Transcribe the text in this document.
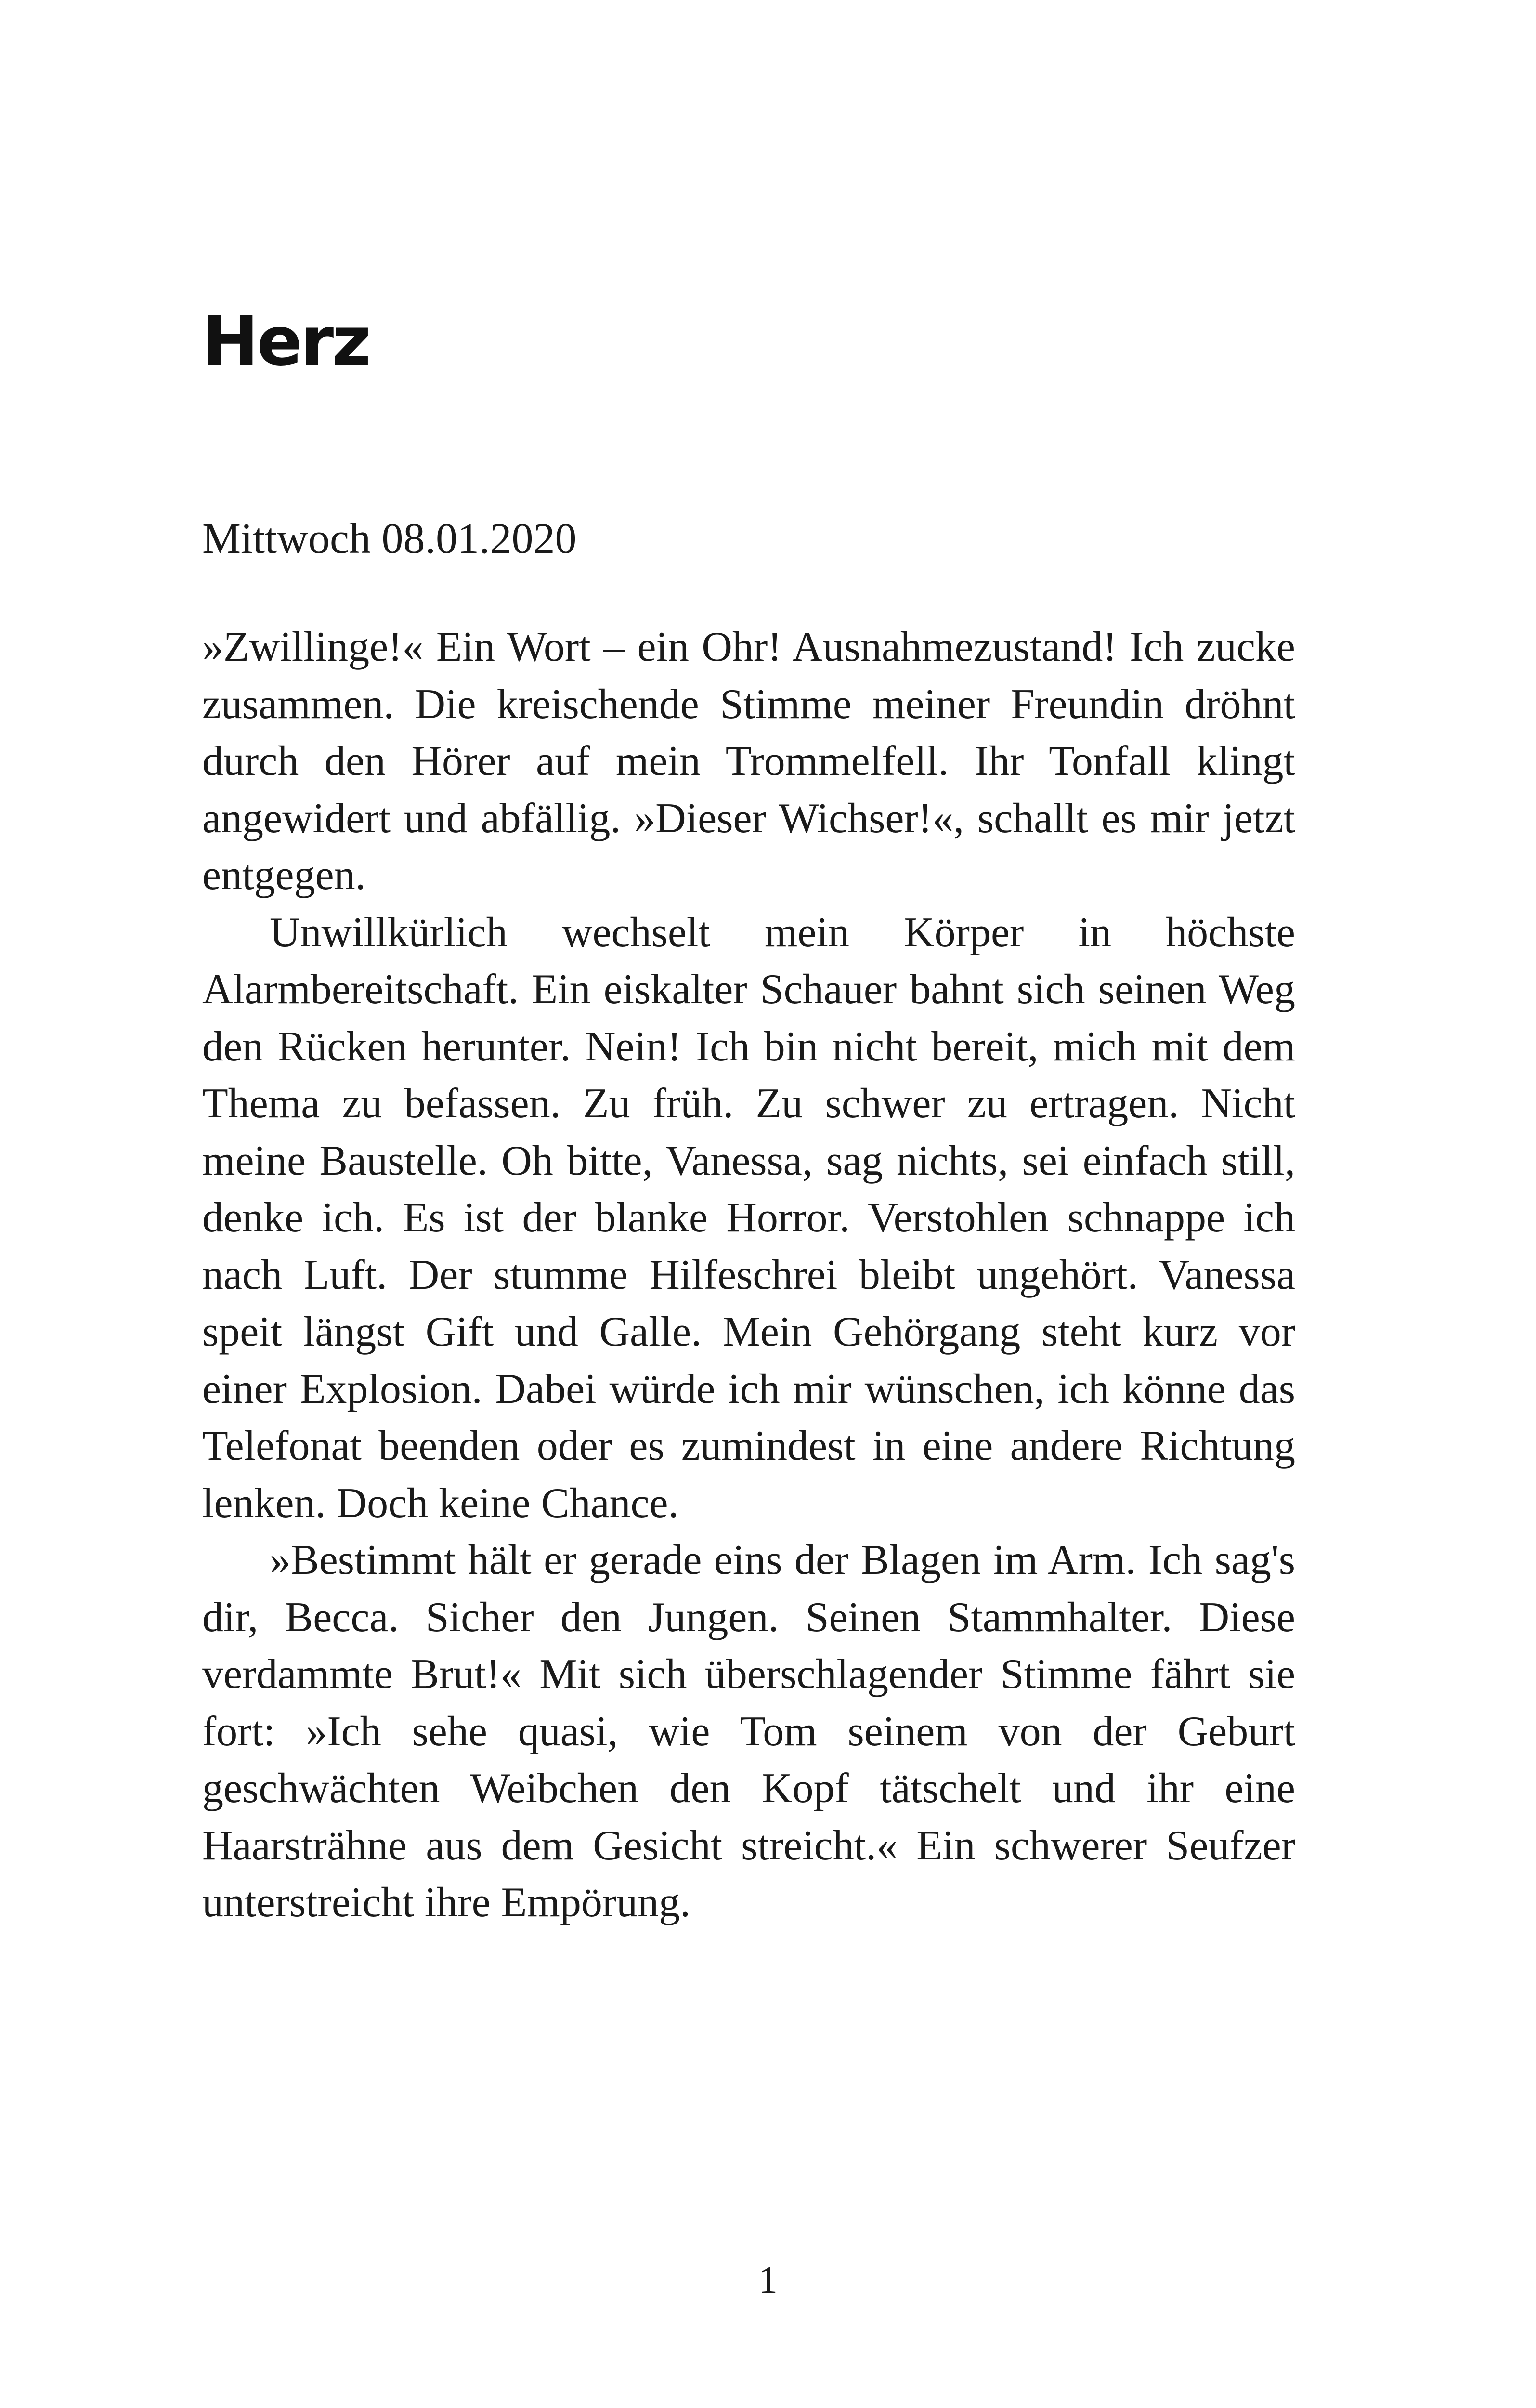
Herz

Mittwoch 08.01.2020

»Zwillinge!« Ein Wort – ein Ohr! Ausnahmezustand! Ich zucke zusammen. Die kreischende Stimme meiner Freundin dröhnt durch den Hörer auf mein Trommelfell. Ihr Tonfall klingt angewidert und abfällig. »Dieser Wichser!«, schallt es mir jetzt entgegen.

Unwillkürlich wechselt mein Körper in höchste Alarmbereitschaft. Ein eiskalter Schauer bahnt sich seinen Weg den Rücken herunter. Nein! Ich bin nicht bereit, mich mit dem Thema zu befassen. Zu früh. Zu schwer zu ertragen. Nicht meine Baustelle. Oh bitte, Vanessa, sag nichts, sei einfach still, denke ich. Es ist der blanke Horror. Verstohlen schnappe ich nach Luft. Der stumme Hilfeschrei bleibt ungehört. Vanessa speit längst Gift und Galle. Mein Gehörgang steht kurz vor einer Explosion. Dabei würde ich mir wünschen, ich könne das Telefonat beenden oder es zumindest in eine andere Richtung lenken. Doch keine Chance.

»Bestimmt hält er gerade eins der Blagen im Arm. Ich sag's dir, Becca. Sicher den Jungen. Seinen Stammhalter. Diese verdammte Brut!« Mit sich überschlagender Stimme fährt sie fort: »Ich sehe quasi, wie Tom seinem von der Geburt geschwächten Weibchen den Kopf tätschelt und ihr eine Haarsträhne aus dem Gesicht streicht.« Ein schwerer Seufzer unterstreicht ihre Empörung.

1
